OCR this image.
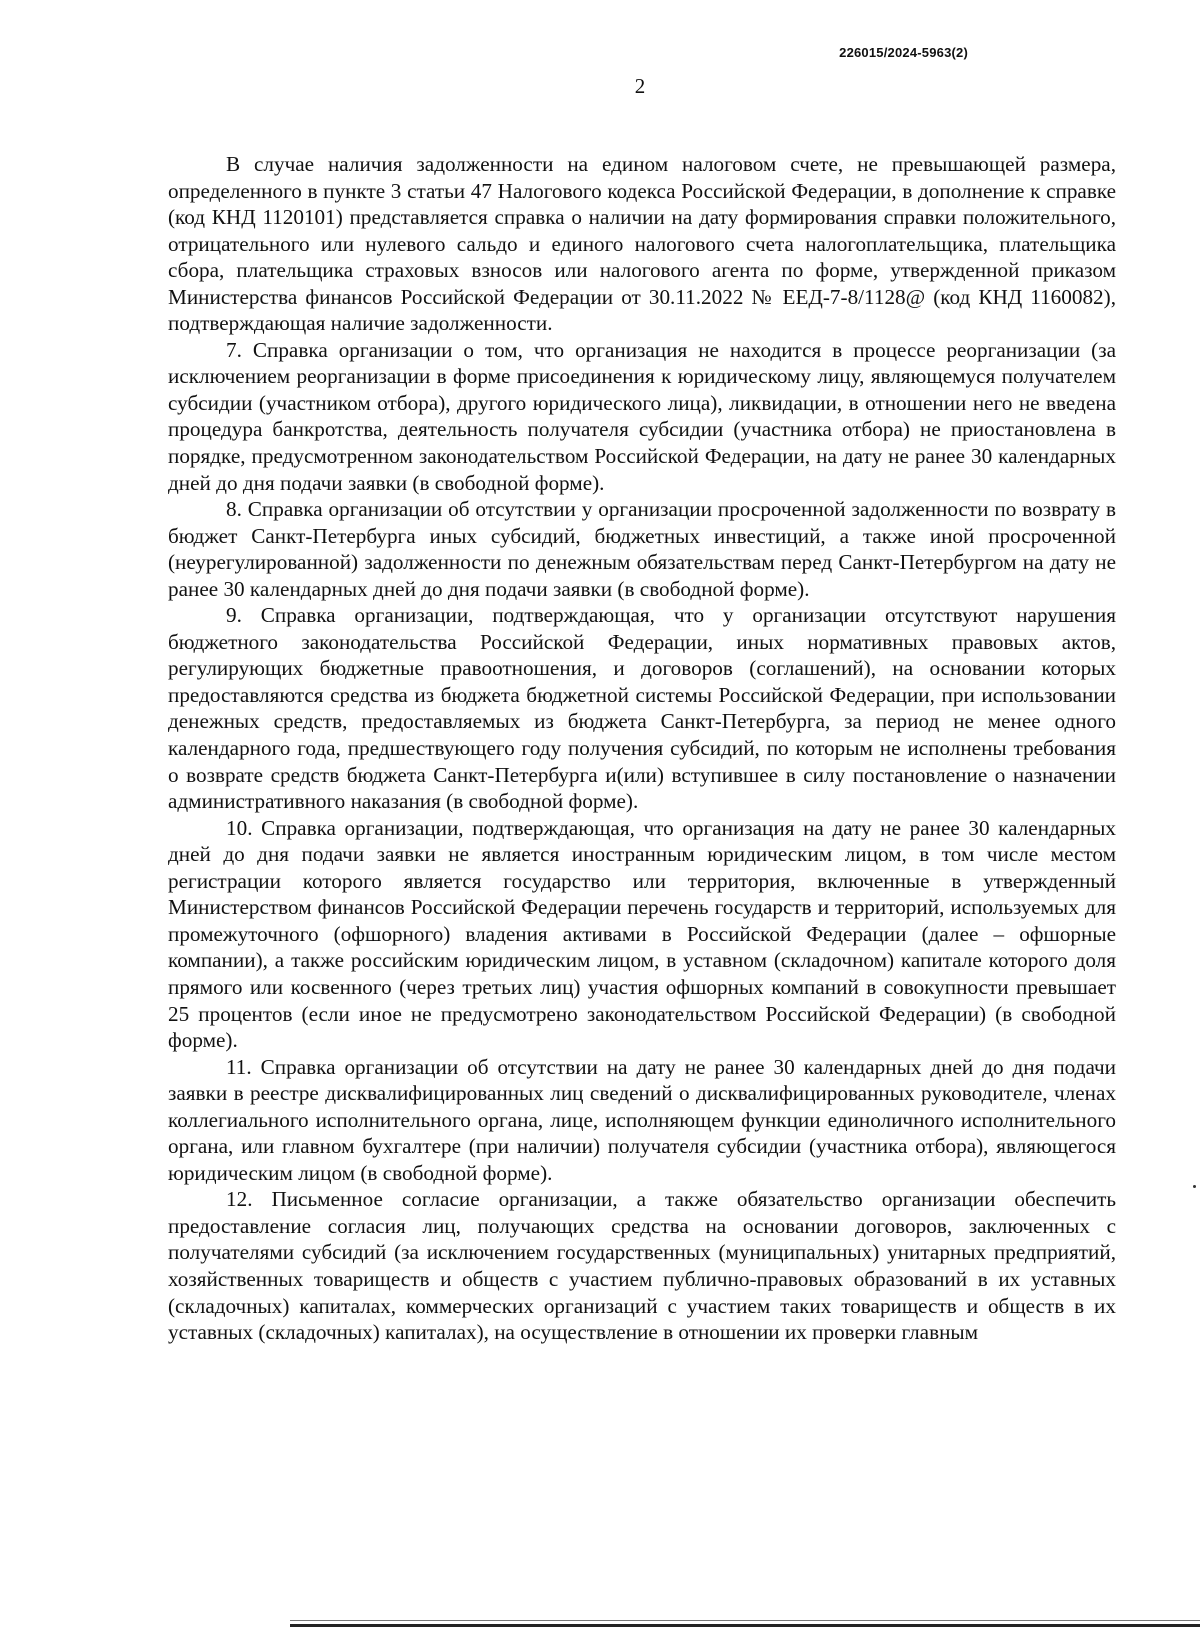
226015/2024-5963(2)
2

В случае наличия задолженности на едином налоговом счете, не превышающей размера, определенного в пункте 3 статьи 47 Налогового кодекса Российской Федерации, в дополнение к справке (код КНД 1120101) представляется справка о наличии на дату формирования справки положительного, отрицательного или нулевого сальдо и единого налогового счета налогоплательщика, плательщика сбора, плательщика страховых взносов или налогового агента по форме, утвержденной приказом Министерства финансов Российской Федерации от 30.11.2022 № ЕЕД-7-8/1128@ (код КНД 1160082), подтверждающая наличие задолженности.

7. Справка организации о том, что организация не находится в процессе реорганизации (за исключением реорганизации в форме присоединения к юридическому лицу, являющемуся получателем субсидии (участником отбора), другого юридического лица), ликвидации, в отношении него не введена процедура банкротства, деятельность получателя субсидии (участника отбора) не приостановлена в порядке, предусмотренном законодательством Российской Федерации, на дату не ранее 30 календарных дней до дня подачи заявки (в свободной форме).

8. Справка организации об отсутствии у организации просроченной задолженности по возврату в бюджет Санкт-Петербурга иных субсидий, бюджетных инвестиций, а также иной просроченной (неурегулированной) задолженности по денежным обязательствам перед Санкт-Петербургом на дату не ранее 30 календарных дней до дня подачи заявки (в свободной форме).

9. Справка организации, подтверждающая, что у организации отсутствуют нарушения бюджетного законодательства Российской Федерации, иных нормативных правовых актов, регулирующих бюджетные правоотношения, и договоров (соглашений), на основании которых предоставляются средства из бюджета бюджетной системы Российской Федерации, при использовании денежных средств, предоставляемых из бюджета Санкт-Петербурга, за период не менее одного календарного года, предшествующего году получения субсидий, по которым не исполнены требования о возврате средств бюджета Санкт-Петербурга и(или) вступившее в силу постановление о назначении административного наказания (в свободной форме).

10. Справка организации, подтверждающая, что организация на дату не ранее 30 календарных дней до дня подачи заявки не является иностранным юридическим лицом, в том числе местом регистрации которого является государство или территория, включенные в утвержденный Министерством финансов Российской Федерации перечень государств и территорий, используемых для промежуточного (офшорного) владения активами в Российской Федерации (далее – офшорные компании), а также российским юридическим лицом, в уставном (складочном) капитале которого доля прямого или косвенного (через третьих лиц) участия офшорных компаний в совокупности превышает 25 процентов (если иное не предусмотрено законодательством Российской Федерации) (в свободной форме).

11. Справка организации об отсутствии на дату не ранее 30 календарных дней до дня подачи заявки в реестре дисквалифицированных лиц сведений о дисквалифицированных руководителе, членах коллегиального исполнительного органа, лице, исполняющем функции единоличного исполнительного органа, или главном бухгалтере (при наличии) получателя субсидии (участника отбора), являющегося юридическим лицом (в свободной форме).

12. Письменное согласие организации, а также обязательство организации обеспечить предоставление согласия лиц, получающих средства на основании договоров, заключенных с получателями субсидий (за исключением государственных (муниципальных) унитарных предприятий, хозяйственных товариществ и обществ с участием публично-правовых образований в их уставных (складочных) капиталах, коммерческих организаций с участием таких товариществ и обществ в их уставных (складочных) капиталах), на осуществление в отношении их проверки главным
